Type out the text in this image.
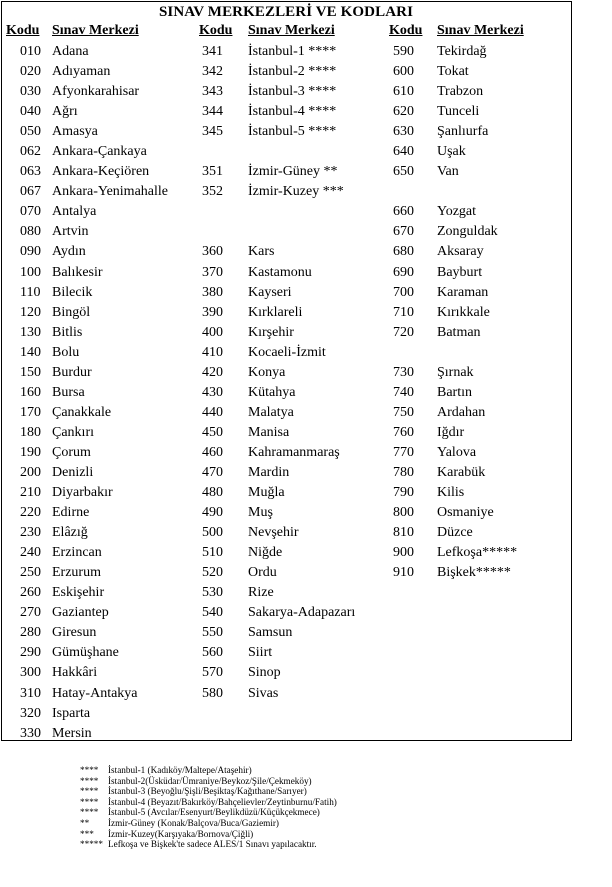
SINAV MERKEZLERİ VE KODLARI
Kodu Sınav Merkezi
010 Adana
020 Adıyaman
030 Afyonkarahisar
040 Ağrı
050 Amasya
062 Ankara-Çankaya
063 Ankara-Keçiören
067 Ankara-Yenimahalle
070 Antalya
080 Artvin
090 Aydın
100 Balıkesir
110 Bilecik
120 Bingöl
130 Bitlis
140 Bolu
150 Burdur
160 Bursa
170 Çanakkale
180 Çankırı
190 Çorum
200 Denizli
210 Diyarbakır
220 Edirne
230 Elâzığ
240 Erzincan
250 Erzurum
260 Eskişehir
270 Gaziantep
280 Giresun
290 Gümüşhane
300 Hakkâri
310 Hatay-Antakya
320 Isparta
330 Mersin
Kodu	Sınav Merkezi
341	İstanbul-1 ****
342	İstanbul-2 ****
343	İstanbul-3 ****
344	İstanbul-4 ****
345	İstanbul-5 ****
351	İzmir-Güney **
352	İzmir-Kuzey ***
360	Kars
370	Kastamonu
380	Kayseri
390	Kırklareli
400	Kırşehir
410	Kocaeli-İzmit
420	Konya
430	Kütahya
440	Malatya
450	Manisa
460	Kahramanmaraş
470	Mardin
480	Muğla
490	Muş
500	Nevşehir
510	Niğde
520	Ordu
530	Rize
540	Sakarya-Adapazarı
550	Samsun
560	Siirt
570	Sinop
580	Sivas
Kodu	Sınav Merkezi
590	Tekirdağ
600	Tokat
610	Trabzon
620	Tunceli
630	Şanlıurfa
640	Uşak
650	Van
660	Yozgat
670	Zonguldak
680	Aksaray
690	Bayburt
700	Karaman
710	Kırıkkale
720	Batman
730	Şırnak
740	Bartın
750	Ardahan
760	Iğdır
770	Yalova
780	Karabük
790	Kilis
800	Osmaniye
810	Düzce
900	Lefkoşa*****
910	Bişkek*****
****	İstanbul-1 (Kadıköy/Maltepe/Ataşehir)
****	İstanbul-2(Üsküdar/Ümraniye/Beykoz/Şile/Çekmeköy)
****	İstanbul-3 (Beyoğlu/Şişli/Beşiktaş/Kağıthane/Sarıyer)
****	İstanbul-4 (Beyazıt/Bakırköy/Bahçelievler/Zeytinburnu/Fatih)
****	İstanbul-5 (Avcılar/Esenyurt/Beylikdüzü/Küçükçekmece)
**	İzmir-Güney (Konak/Balçova/Buca/Gaziemir)
***	İzmir-Kuzey(Karşıyaka/Bornova/Çiğli)
***** Lefkoşa ve Bişkek'te sadece ALES/1 Sınavı yapılacaktır.
